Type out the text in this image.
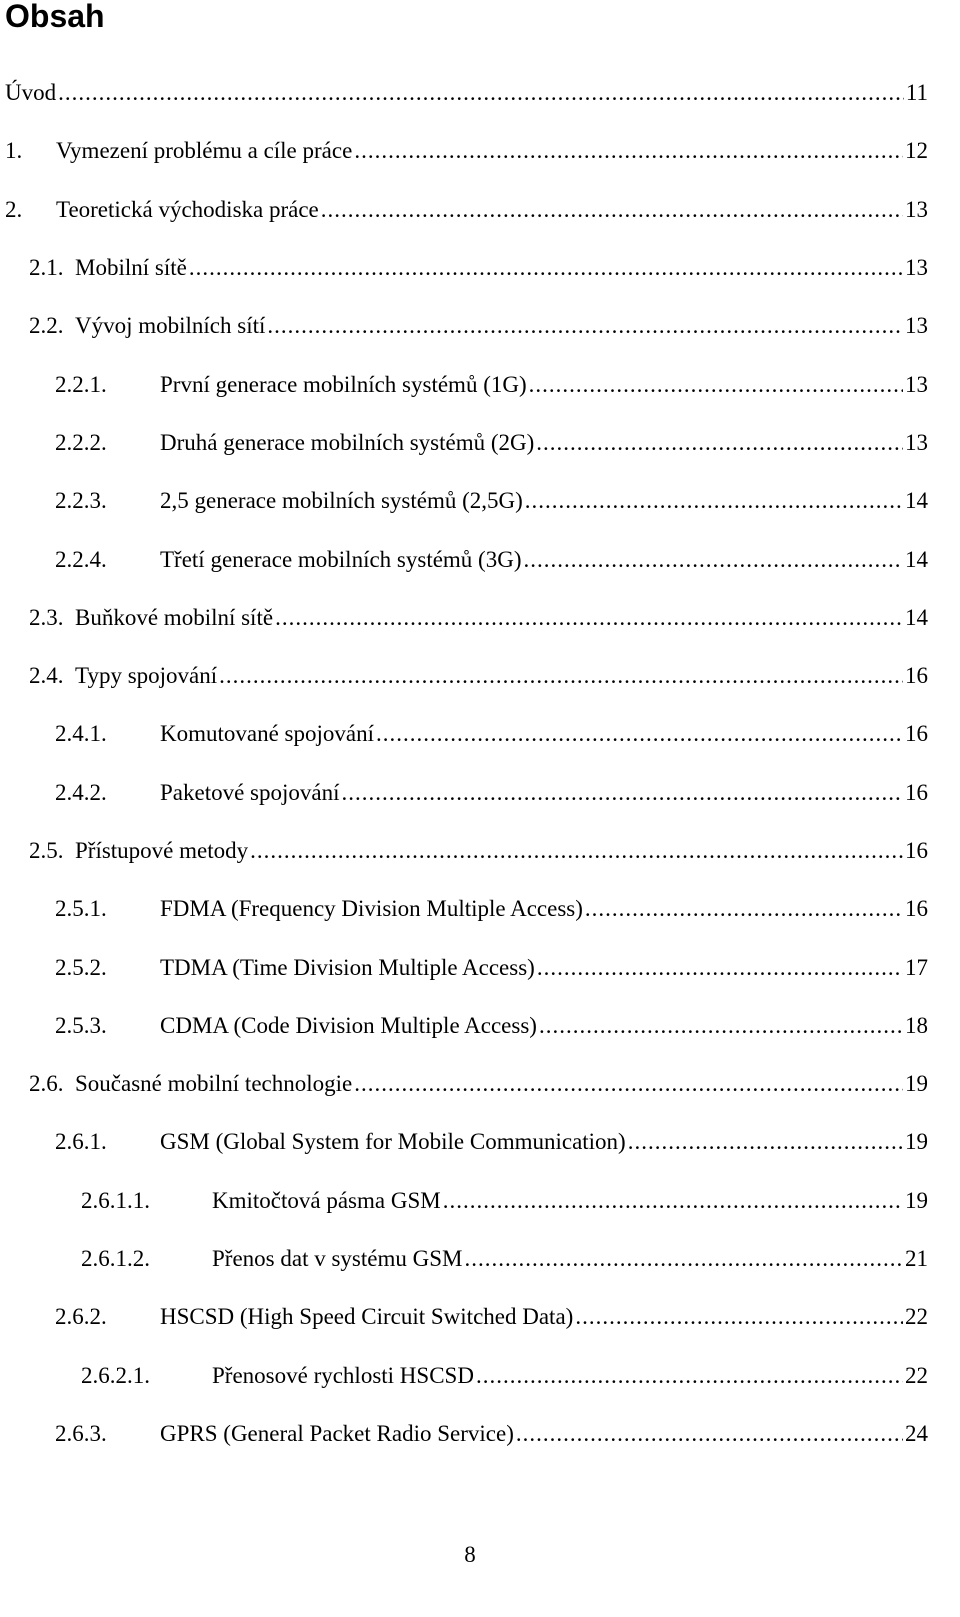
Obsah
Úvod .....	11
1.	Vymezení problému a cíle práce .....	12
2.	Teoretická východiska práce .....	13
2.1. Mobilní sítě .....	13
2.2. Vývoj mobilních sítí .....	13
2.2.1.	První generace mobilních systémů (1G) .....	13
2.2.2.	Druhá generace mobilních systémů (2G) .....	13
2.2.3.	2,5 generace mobilních systémů (2,5G) .....	14
2.2.4.	Třetí generace mobilních systémů (3G) .....	14
2.3. Buňkové mobilní sítě .....	14
2.4. Typy spojování .....	16
2.4.1.	Komutované spojování .....	16
2.4.2.	Paketové spojování .....	16
2.5. Přístupové metody .....	16
2.5.1.	FDMA (Frequency Division Multiple Access) .....	16
2.5.2.	TDMA (Time Division Multiple Access) .....	17
2.5.3.	CDMA (Code Division Multiple Access) .....	18
2.6. Současné mobilní technologie .....	19
2.6.1.	GSM (Global System for Mobile Communication) .....	19
2.6.1.1.	Kmitočtová pásma GSM .....	19
2.6.1.2.	Přenos dat v systému GSM .....	21
2.6.2.	HSCSD (High Speed Circuit Switched Data) .....	22
2.6.2.1.	Přenosové rychlosti HSCSD .....	22
2.6.3.	GPRS (General Packet Radio Service) .....	24
8
